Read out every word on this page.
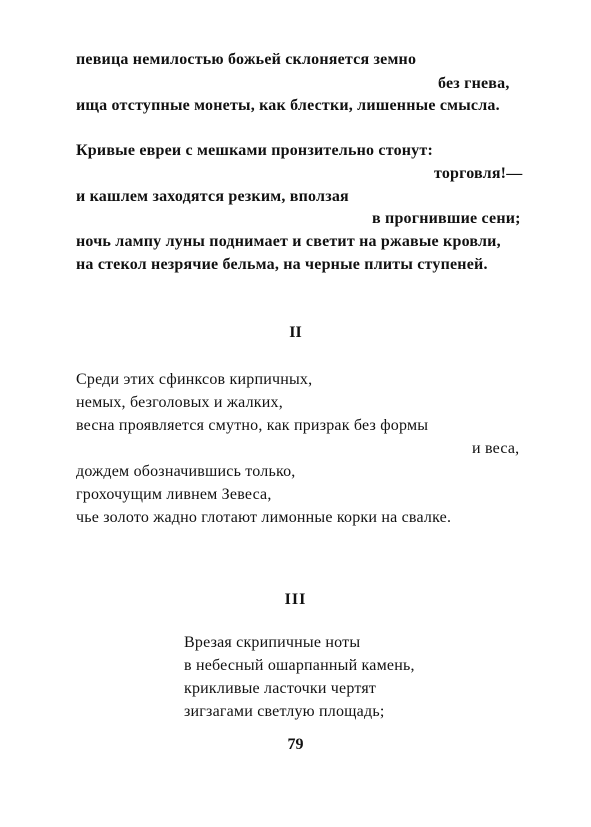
певица немилостью божьей склоняется земно
без гнева,
ища отступные монеты, как блестки, лишенные смысла.
Кривые евреи с мешками пронзительно стонут:
торговля!—
и кашлем заходятся резким, вползая
в прогнившие сени;
ночь лампу луны поднимает и светит на ржавые кровли,
на стекол незрячие бельма, на черные плиты ступеней.
II
Среди этих сфинксов кирпичных,
немых, безголовых и жалких,
весна проявляется смутно, как призрак без формы
и веса,
дождем обозначившись только,
грохочущим ливнем Зевеса,
чье золото жадно глотают лимонные корки на свалке.
III
Врезая скрипичные ноты
в небесный ошарпанный камень,
крикливые ласточки чертят
зигзагами светлую площадь;
79
